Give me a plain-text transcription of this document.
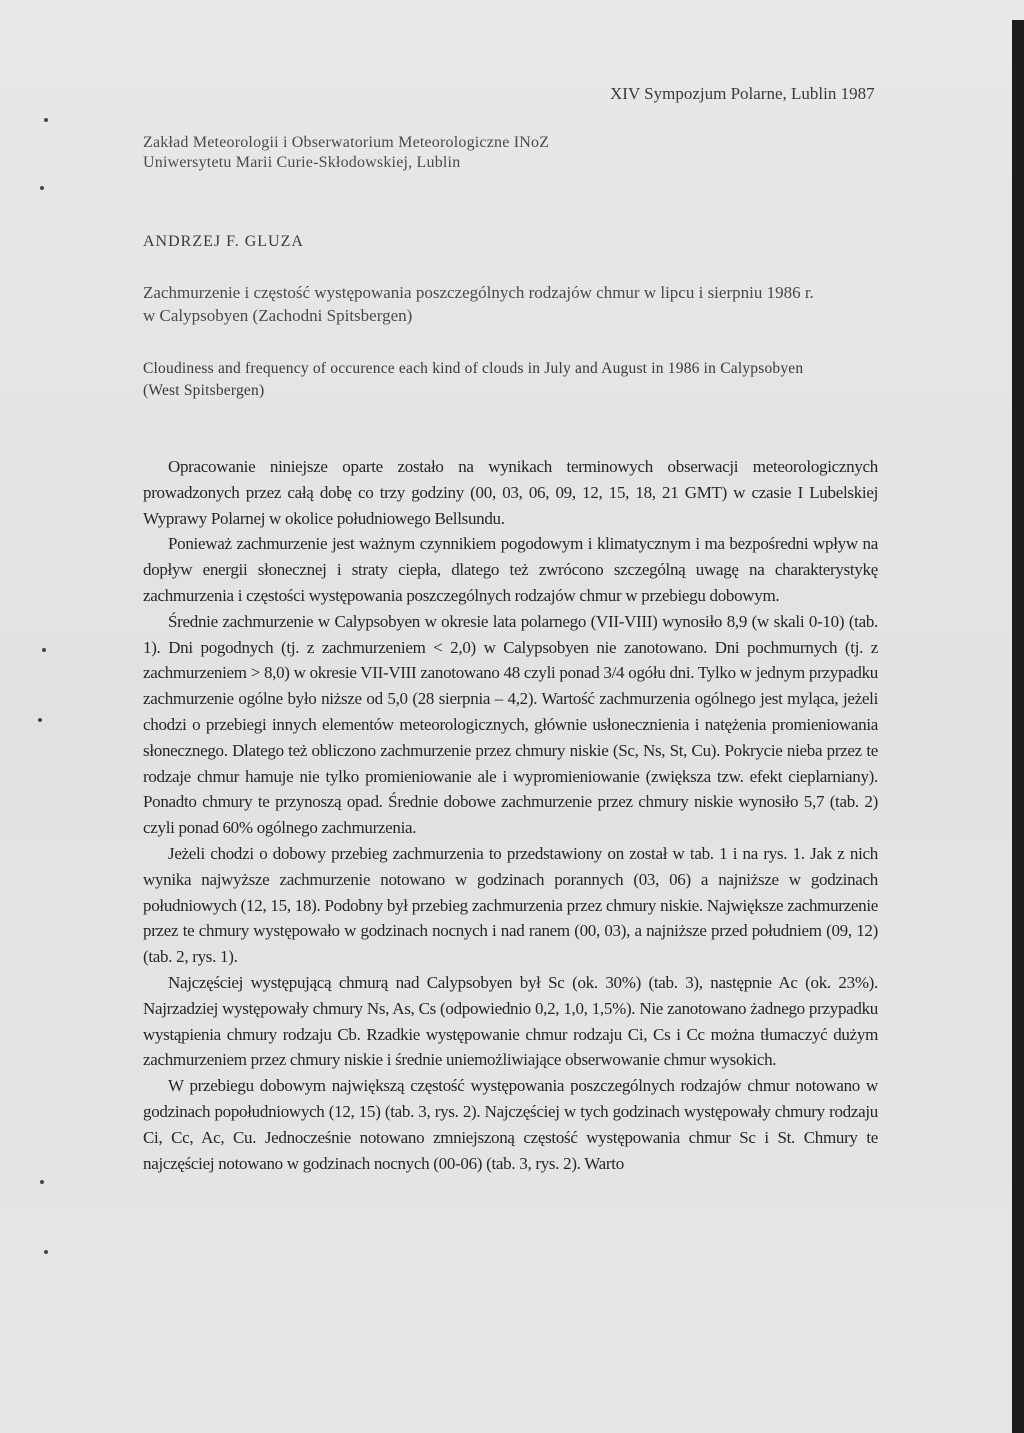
XIV Sympozjum Polarne, Lublin 1987
Zakład Meteorologii i Obserwatorium Meteorologiczne INoZ
Uniwersytetu Marii Curie-Skłodowskiej, Lublin
ANDRZEJ F. GLUZA
Zachmurzenie i częstość występowania poszczególnych rodzajów chmur w lipcu i sierpniu 1986 r.
w Calypsobyen (Zachodni Spitsbergen)
Cloudiness and frequency of occurence each kind of clouds in July and August in 1986 in Calypsobyen
(West Spitsbergen)

Opracowanie niniejsze oparte zostało na wynikach terminowych obserwacji meteorologicznych prowadzonych przez całą dobę co trzy godziny (00, 03, 06, 09, 12, 15, 18, 21 GMT) w czasie I Lubelskiej Wyprawy Polarnej w okolice południowego Bellsundu.

Ponieważ zachmurzenie jest ważnym czynnikiem pogodowym i klimatycznym i ma bezpośredni wpływ na dopływ energii słonecznej i straty ciepła, dlatego też zwrócono szczególną uwagę na charakterystykę zachmurzenia i częstości występowania poszczególnych rodzajów chmur w przebiegu dobowym.

Średnie zachmurzenie w Calypsobyen w okresie lata polarnego (VII-VIII) wynosiło 8,9 (w skali 0-10) (tab. 1). Dni pogodnych (tj. z zachmurzeniem < 2,0) w Calypsobyen nie zanotowano. Dni pochmurnych (tj. z zachmurzeniem > 8,0) w okresie VII-VIII zanotowano 48 czyli ponad 3/4 ogółu dni. Tylko w jednym przypadku zachmurzenie ogólne było niższe od 5,0 (28 sierpnia – 4,2). Wartość zachmurzenia ogólnego jest myląca, jeżeli chodzi o przebiegi innych elementów meteorologicznych, głównie usłonecznienia i natężenia promieniowania słonecznego. Dlatego też obliczono zachmurzenie przez chmury niskie (Sc, Ns, St, Cu). Pokrycie nieba przez te rodzaje chmur hamuje nie tylko promieniowanie ale i wypromieniowanie (zwiększa tzw. efekt cieplarniany). Ponadto chmury te przynoszą opad. Średnie dobowe zachmurzenie przez chmury niskie wynosiło 5,7 (tab. 2) czyli ponad 60% ogólnego zachmurzenia.

Jeżeli chodzi o dobowy przebieg zachmurzenia to przedstawiony on został w tab. 1 i na rys. 1. Jak z nich wynika najwyższe zachmurzenie notowano w godzinach porannych (03, 06) a najniższe w godzinach południowych (12, 15, 18). Podobny był przebieg zachmurzenia przez chmury niskie. Największe zachmurzenie przez te chmury występowało w godzinach nocnych i nad ranem (00, 03), a najniższe przed południem (09, 12) (tab. 2, rys. 1).

Najczęściej występującą chmurą nad Calypsobyen był Sc (ok. 30%) (tab. 3), następnie Ac (ok. 23%). Najrzadziej występowały chmury Ns, As, Cs (odpowiednio 0,2, 1,0, 1,5%). Nie zanotowano żadnego przypadku wystąpienia chmury rodzaju Cb. Rzadkie występowanie chmur rodzaju Ci, Cs i Cc można tłumaczyć dużym zachmurzeniem przez chmury niskie i średnie uniemożliwiające obserwowanie chmur wysokich.

W przebiegu dobowym największą częstość występowania poszczególnych rodzajów chmur notowano w godzinach popołudniowych (12, 15) (tab. 3, rys. 2). Najczęściej w tych godzinach występowały chmury rodzaju Ci, Cc, Ac, Cu. Jednocześnie notowano zmniejszoną częstość występowania chmur Sc i St. Chmury te najczęściej notowano w godzinach nocnych (00-06) (tab. 3, rys. 2). Warto
